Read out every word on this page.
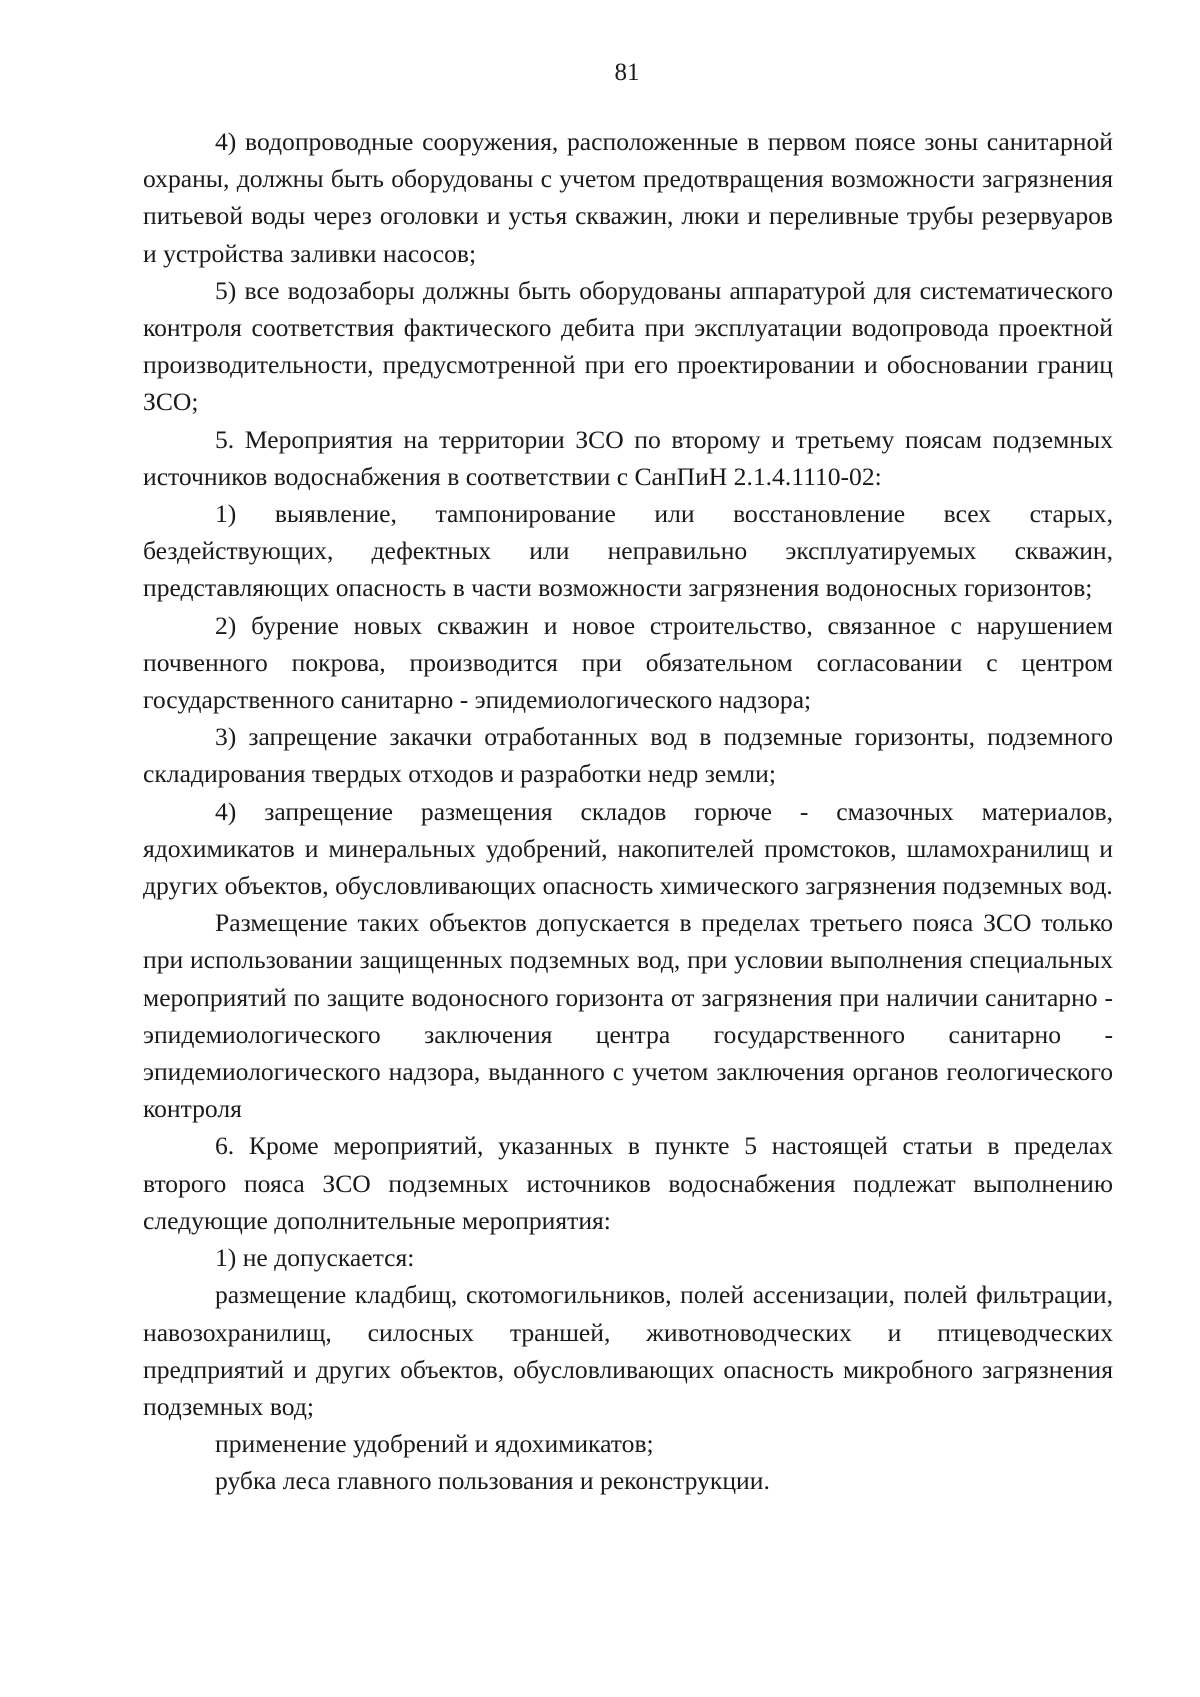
81

4) водопроводные сооружения, расположенные в первом поясе зоны санитарной охраны, должны быть оборудованы с учетом предотвращения возможности загрязнения питьевой воды через оголовки и устья скважин, люки и переливные трубы резервуаров и устройства заливки насосов;

5) все водозаборы должны быть оборудованы аппаратурой для систематического контроля соответствия фактического дебита при эксплуатации водопровода проектной производительности, предусмотренной при его проектировании и обосновании границ ЗСО;

5. Мероприятия на территории ЗСО по второму и третьему поясам подземных источников водоснабжения в соответствии с СанПиН 2.1.4.1110-02:

1) выявление, тампонирование или восстановление всех старых, бездействующих, дефектных или неправильно эксплуатируемых скважин, представляющих опасность в части возможности загрязнения водоносных горизонтов;

2) бурение новых скважин и новое строительство, связанное с нарушением почвенного покрова, производится при обязательном согласовании с центром государственного санитарно - эпидемиологического надзора;

3) запрещение закачки отработанных вод в подземные горизонты, подземного складирования твердых отходов и разработки недр земли;

4) запрещение размещения складов горюче - смазочных материалов, ядохимикатов и минеральных удобрений, накопителей промстоков, шламохранилищ и других объектов, обусловливающих опасность химического загрязнения подземных вод.

Размещение таких объектов допускается в пределах третьего пояса ЗСО только при использовании защищенных подземных вод, при условии выполнения специальных мероприятий по защите водоносного горизонта от загрязнения при наличии санитарно - эпидемиологического заключения центра государственного санитарно - эпидемиологического надзора, выданного с учетом заключения органов геологического контроля

6. Кроме мероприятий, указанных в пункте 5 настоящей статьи в пределах второго пояса ЗСО подземных источников водоснабжения подлежат выполнению следующие дополнительные мероприятия:

1) не допускается:

размещение кладбищ, скотомогильников, полей ассенизации, полей фильтрации, навозохранилищ, силосных траншей, животноводческих и птицеводческих предприятий и других объектов, обусловливающих опасность микробного загрязнения подземных вод;

применение удобрений и ядохимикатов;

рубка леса главного пользования и реконструкции.
